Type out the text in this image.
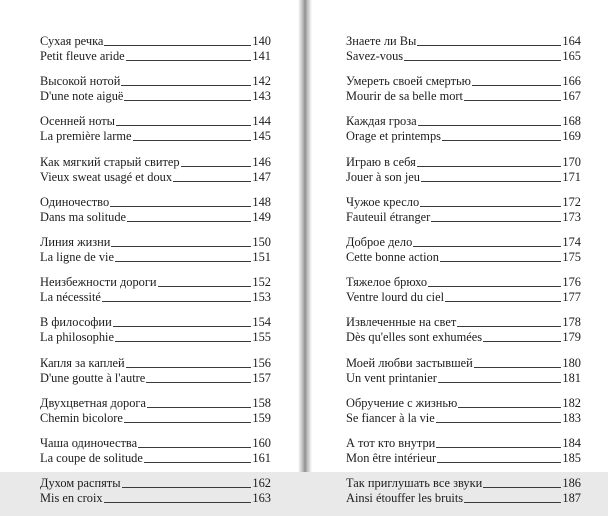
Сухая речка	140
Petit fleuve aride	141
Высокой нотой	142
D'une note aiguë	143
Осенней ноты	144
La première larme	145
Как мягкий старый свитер	146
Vieux sweat usagé et doux	147
Одиночество	148
Dans ma solitude	149
Линия жизни	150
La ligne de vie	151
Неизбежности дороги	152
La nécessité	153
В философии	154
La philosophie	155
Капля за каплей	156
D'une goutte à l'autre	157
Двухцветная дорога	158
Chemin bicolore	159
Чаша одиночества	160
La coupe de solitude	161
Духом распяты	162
Mis en croix	163
Знаете ли Вы	164
Savez-vous	165
Умереть своей смертью	166
Mourir de sa belle mort	167
Каждая гроза	168
Orage et printemps	169
Играю в себя	170
Jouer à son jeu	171
Чужое кресло	172
Fauteuil étranger	173
Доброе дело	174
Cette bonne action	175
Тяжелое брюхо	176
Ventre lourd du ciel	177
Извлеченные на свет	178
Dès qu'elles sont exhumées	179
Моей любви застывшей	180
Un vent printanier	181
Обручение с жизнью	182
Se fiancer à la vie	183
А тот кто внутри	184
Mon être intérieur	185
Так приглушать все звуки	186
Ainsi étouffer les bruits	187
